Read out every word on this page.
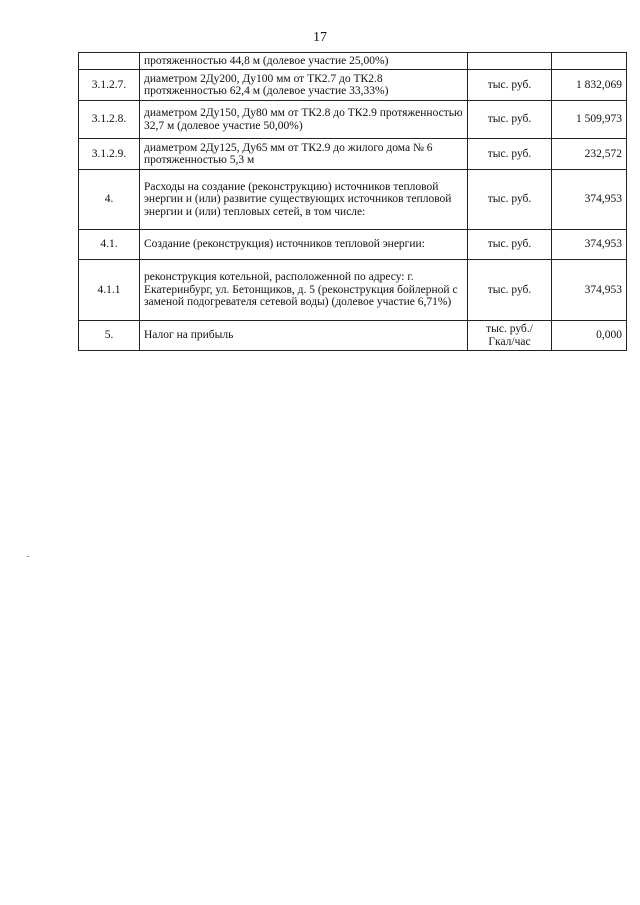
17
	протяженностью 44,8 м (долевое участие 25,00%)		
3.1.2.7.	диаметром 2Ду200, Ду100 мм от ТК2.7 до ТК2.8 протяженностью 62,4 м (долевое участие 33,33%)	тыс. руб.	1 832,069
3.1.2.8.	диаметром 2Ду150, Ду80 мм от ТК2.8 до ТК2.9 протяженностью 32,7 м (долевое участие 50,00%)	тыс. руб.	1 509,973
3.1.2.9.	диаметром 2Ду125, Ду65 мм от ТК2.9 до жилого дома № 6 протяженностью 5,3 м	тыс. руб.	232,572
4.	Расходы на создание (реконструкцию) источников тепловой энергии и (или) развитие существующих источников тепловой энергии и (или) тепловых сетей, в том числе:	тыс. руб.	374,953
4.1.	Создание (реконструкция) источников тепловой энергии:	тыс. руб.	374,953
4.1.1	реконструкция котельной, расположенной по адресу: г. Екатеринбург, ул. Бетонщиков, д. 5 (реконструкция бойлерной с заменой подогревателя сетевой воды) (долевое участие 6,71%)	тыс. руб.	374,953
5.	Налог на прибыль	тыс. руб./ Гкал/час	0,000
